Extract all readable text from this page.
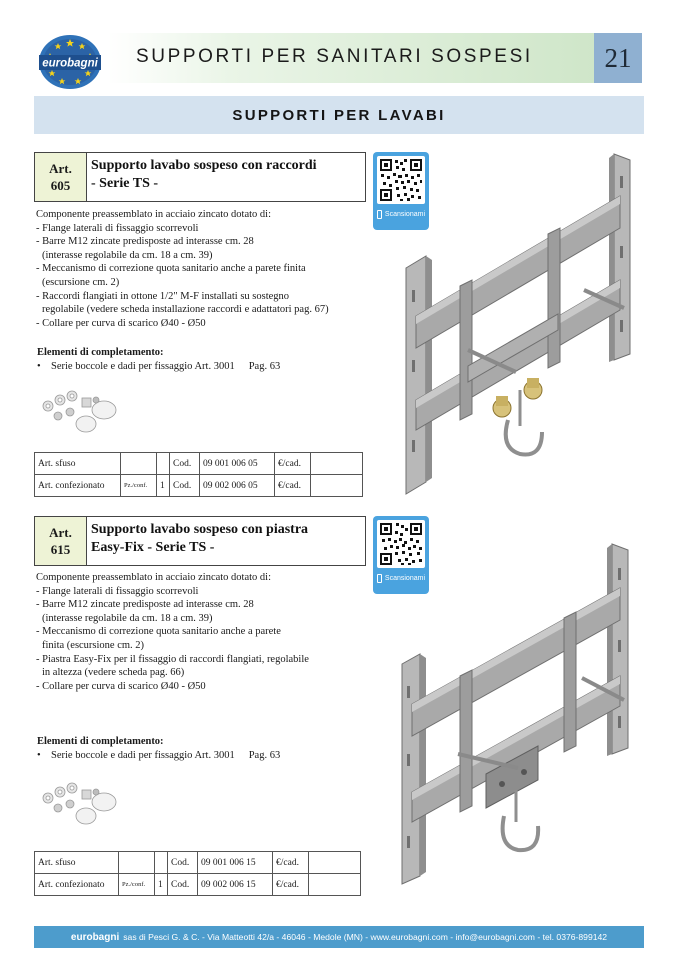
eurobagni SUPPORTI PER SANITARI SOSPESI	21
SUPPORTI PER LAVABI
Art.
605
Supporto lavabo sospeso con raccordi
- Serie TS -
Scansionami
Componente preassemblato in acciaio zincato dotato di:
- Flange laterali di fissaggio scorrevoli
- Barre M12 zincate predisposte ad interasse cm. 28
(interasse regolabile da cm. 18 a cm. 39)
- Meccanismo di correzione quota sanitario anche a parete finita
(escursione cm. 2)
- Raccordi flangiati in ottone 1/2" M-F installati su sostegno
regolabile (vedere scheda installazione raccordi e adattatori pag. 67)
- Collare per curva di scarico Ø40 - Ø50
Elementi di completamento:
• Serie boccole e dadi per fissaggio Art. 3001 Pag. 63
Art. sfuso			Cod.	09 001 006 05	€/cad.	
Art. confezionato	Pz./conf.	1	Cod.	09 002 006 05	€/cad.	
Art.
615
Supporto lavabo sospeso con piastra
Easy-Fix - Serie TS -
Scansionami
Componente preassemblato in acciaio zincato dotato di:
- Flange laterali di fissaggio scorrevoli
- Barre M12 zincate predisposte ad interasse cm. 28
(interasse regolabile da cm. 18 a cm. 39)
- Meccanismo di correzione quota sanitario anche a parete
finita (escursione cm. 2)
- Piastra Easy-Fix per il fissaggio di raccordi flangiati, regolabile
in altezza (vedere scheda pag. 66)
- Collare per curva di scarico Ø40 - Ø50
Elementi di completamento:
• Serie boccole e dadi per fissaggio Art. 3001 Pag. 63
Art. sfuso			Cod.	09 001 006 15	€/cad.	
Art. confezionato	Pz./conf.	1	Cod.	09 002 006 15	€/cad.	
eurobagni sas di Pesci G. & C. - Via Matteotti 42/a - 46046 - Medole (MN) - www.eurobagni.com - info@eurobagni.com - tel. 0376-899142
